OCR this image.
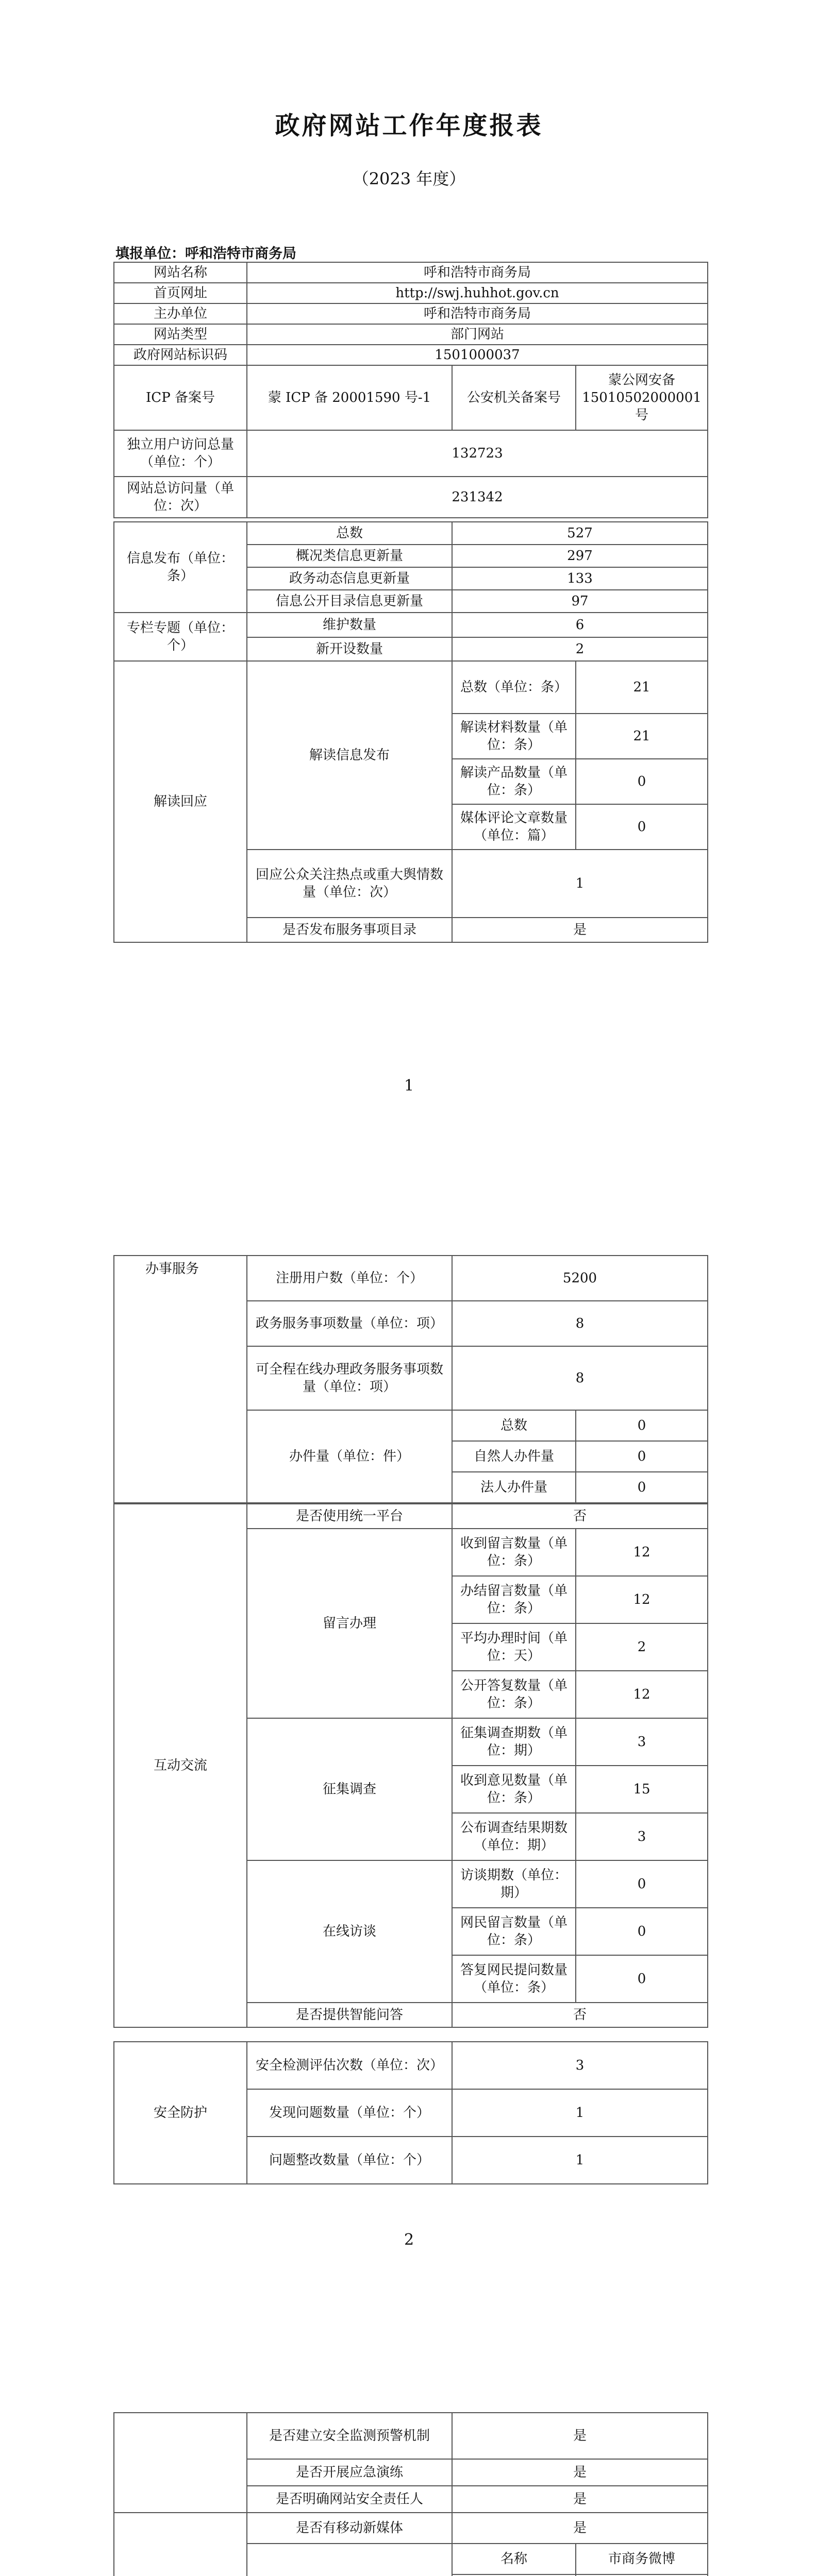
政府网站工作年度报表
（2023 年度）
填报单位：呼和浩特市商务局
网站名称	呼和浩特市商务局		
首页网址	http://swj.huhhot.gov.cn		
主办单位	呼和浩特市商务局		
网站类型	部门网站		
政府网站标识码	1501000037		
ICP 备案号	蒙 ICP 备 20001590 号-1	公安机关备案号	蒙公网安备15010502000001号
独立用户访问总量（单位：个）	132723		
网站总访问量（单位：次）	231342		
信息发布（单位：条）	总数	527
	概况类信息更新量	297
	政务动态信息更新量	133
	信息公开目录信息更新量	97
专栏专题（单位：个）	维护数量	6
	新开设数量	2
解读回应	解读信息发布	总数（单位：条）	21
		解读材料数量（单位：条）	21
		解读产品数量（单位：条）	0
		媒体评论文章数量（单位：篇）	0
	回应公众关注热点或重大舆情数量（单位：次）	1	
	是否发布服务事项目录	是	
1
办事服务	注册用户数（单位：个）	5200	
	政务服务事项数量（单位：项）	8	
	可全程在线办理政务服务事项数量（单位：项）	8	
	办件量（单位：件）	总数	0
		自然人办件量	0
		法人办件量	0
互动交流	是否使用统一平台	否	
	留言办理	收到留言数量（单位：条）	12
		办结留言数量（单位：条）	12
		平均办理时间（单位：天）	2
		公开答复数量（单位：条）	12
	征集调查	征集调查期数（单位：期）	3
		收到意见数量（单位：条）	15
		公布调查结果期数（单位：期）	3
	在线访谈	访谈期数（单位：期）	0
		网民留言数量（单位：条）	0
		答复网民提问数量（单位：条）	0
	是否提供智能问答	否	
安全防护	安全检测评估次数（单位：次）	3
	发现问题数量（单位：个）	1
	问题整改数量（单位：个）	1
2
	是否建立安全监测预警机制	是
	是否开展应急演练	是
	是否明确网站安全责任人	是
	是否有移动新媒体	是	
	名称	市商务微博
